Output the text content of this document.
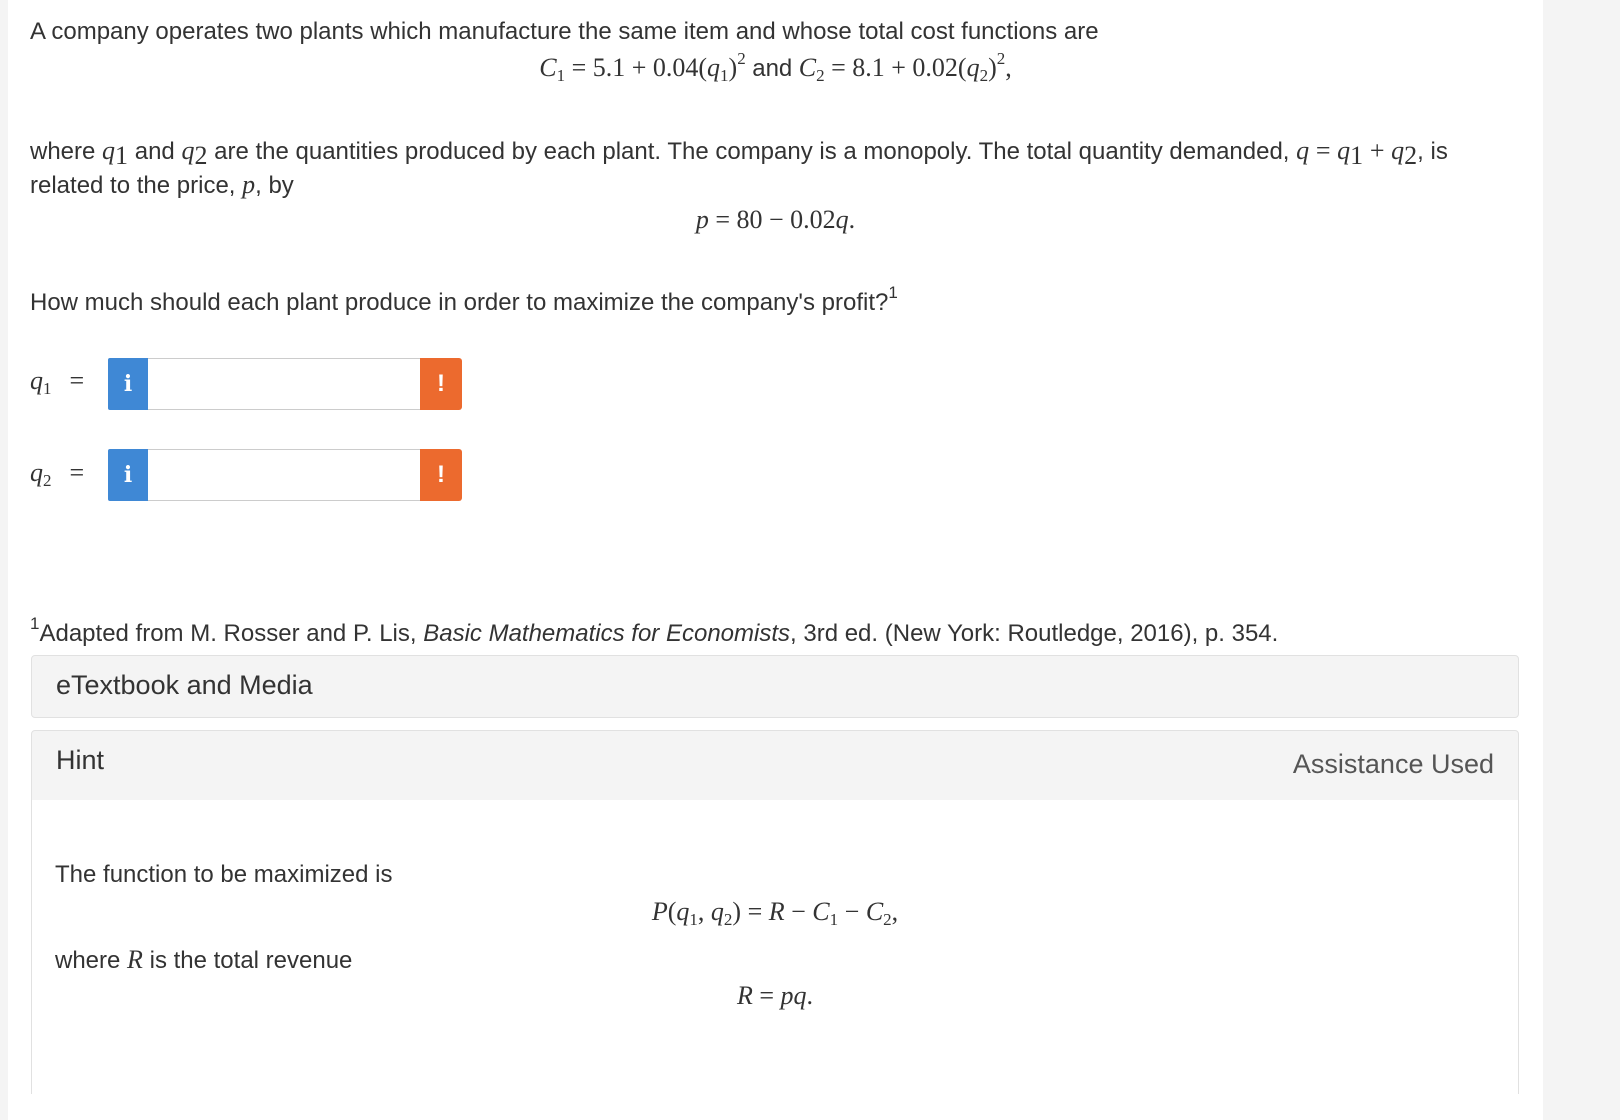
A company operates two plants which manufacture the same item and whose total cost functions are
$C_1 = 5.1 + 0.04(q_1)^2$ and $C_2 = 8.1 + 0.02(q_2)^2$,
where $q_1$ and $q_2$ are the quantities produced by each plant. The company is a monopoly. The total quantity demanded, $q = q_1 + q_2$, is
related to the price, p, by
p = 80 − 0.02q.
How much should each plant produce in order to maximize the company's profit?$^1$
$q_1$ =	i	!
$q_2$ =	i	!
$^1$Adapted from M. Rosser and P. Lis, Basic Mathematics for Economists, 3rd ed. (New York: Routledge, 2016), p. 354.
eTextbook and Media
Hint	Assistance Used
The function to be maximized is
$P(q_1$, $q_2) = R - C_1 - C_2$,
where R is the total revenue
R = pq.
